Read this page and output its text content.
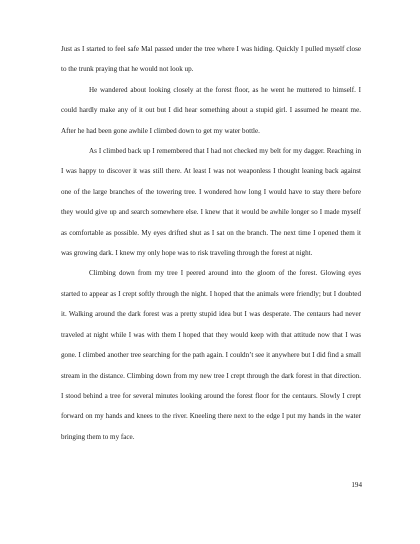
Just as I started to feel safe Mal passed under the tree where I was hiding. Quickly I pulled myself close to the trunk praying that he would not look up.

He wandered about looking closely at the forest floor, as he went he muttered to himself. I could hardly make any of it out but I did hear something about a stupid girl. I assumed he meant me. After he had been gone awhile I climbed down to get my water bottle.

As I climbed back up I remembered that I had not checked my belt for my dagger. Reaching in I was happy to discover it was still there. At least I was not weaponless I thought leaning back against one of the large branches of the towering tree. I wondered how long I would have to stay there before they would give up and search somewhere else. I knew that it would be awhile longer so I made myself as comfortable as possible. My eyes drifted shut as I sat on the branch. The next time I opened them it was growing dark. I knew my only hope was to risk traveling through the forest at night.

Climbing down from my tree I peered around into the gloom of the forest. Glowing eyes started to appear as I crept softly through the night. I hoped that the animals were friendly; but I doubted it. Walking around the dark forest was a pretty stupid idea but I was desperate. The centaurs had never traveled at night while I was with them I hoped that they would keep with that attitude now that I was gone. I climbed another tree searching for the path again. I couldn’t see it anywhere but I did find a small stream in the distance. Climbing down from my new tree I crept through the dark forest in that direction. I stood behind a tree for several minutes looking around the forest floor for the centaurs. Slowly I crept forward on my hands and knees to the river. Kneeling there next to the edge I put my hands in the water bringing them to my face.

194
